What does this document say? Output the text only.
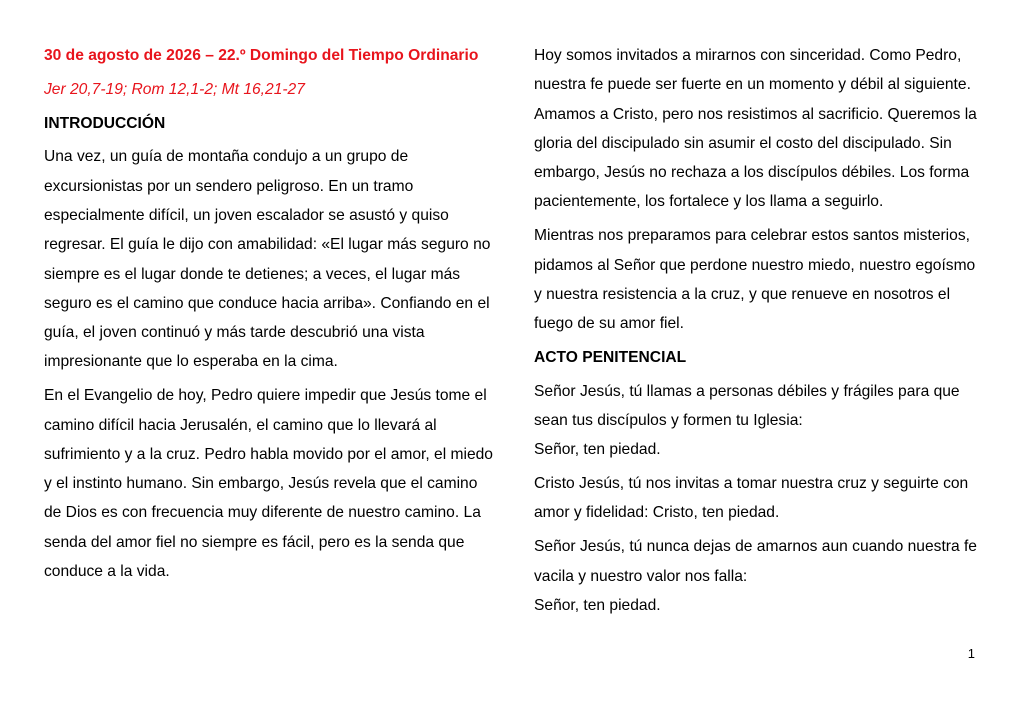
30 de agosto de 2026 – 22.º Domingo del Tiempo Ordinario

Jer 20,7-19; Rom 12,1-2; Mt 16,21-27

INTRODUCCIÓN

Una vez, un guía de montaña condujo a un grupo de excursionistas por un sendero peligroso. En un tramo especialmente difícil, un joven escalador se asustó y quiso regresar. El guía le dijo con amabilidad: «El lugar más seguro no siempre es el lugar donde te detienes; a veces, el lugar más seguro es el camino que conduce hacia arriba». Confiando en el guía, el joven continuó y más tarde descubrió una vista impresionante que lo esperaba en la cima.

En el Evangelio de hoy, Pedro quiere impedir que Jesús tome el camino difícil hacia Jerusalén, el camino que lo llevará al sufrimiento y a la cruz. Pedro habla movido por el amor, el miedo y el instinto humano. Sin embargo, Jesús revela que el camino de Dios es con frecuencia muy diferente de nuestro camino. La senda del amor fiel no siempre es fácil, pero es la senda que conduce a la vida.

Hoy somos invitados a mirarnos con sinceridad. Como Pedro, nuestra fe puede ser fuerte en un momento y débil al siguiente. Amamos a Cristo, pero nos resistimos al sacrificio. Queremos la gloria del discipulado sin asumir el costo del discipulado. Sin embargo, Jesús no rechaza a los discípulos débiles. Los forma pacientemente, los fortalece y los llama a seguirlo.

Mientras nos preparamos para celebrar estos santos misterios, pidamos al Señor que perdone nuestro miedo, nuestro egoísmo y nuestra resistencia a la cruz, y que renueve en nosotros el fuego de su amor fiel.

ACTO PENITENCIAL

Señor Jesús, tú llamas a personas débiles y frágiles para que sean tus discípulos y formen tu Iglesia:
Señor, ten piedad.

Cristo Jesús, tú nos invitas a tomar nuestra cruz y seguirte con amor y fidelidad: Cristo, ten piedad.

Señor Jesús, tú nunca dejas de amarnos aun cuando nuestra fe vacila y nuestro valor nos falla:
Señor, ten piedad.

1
